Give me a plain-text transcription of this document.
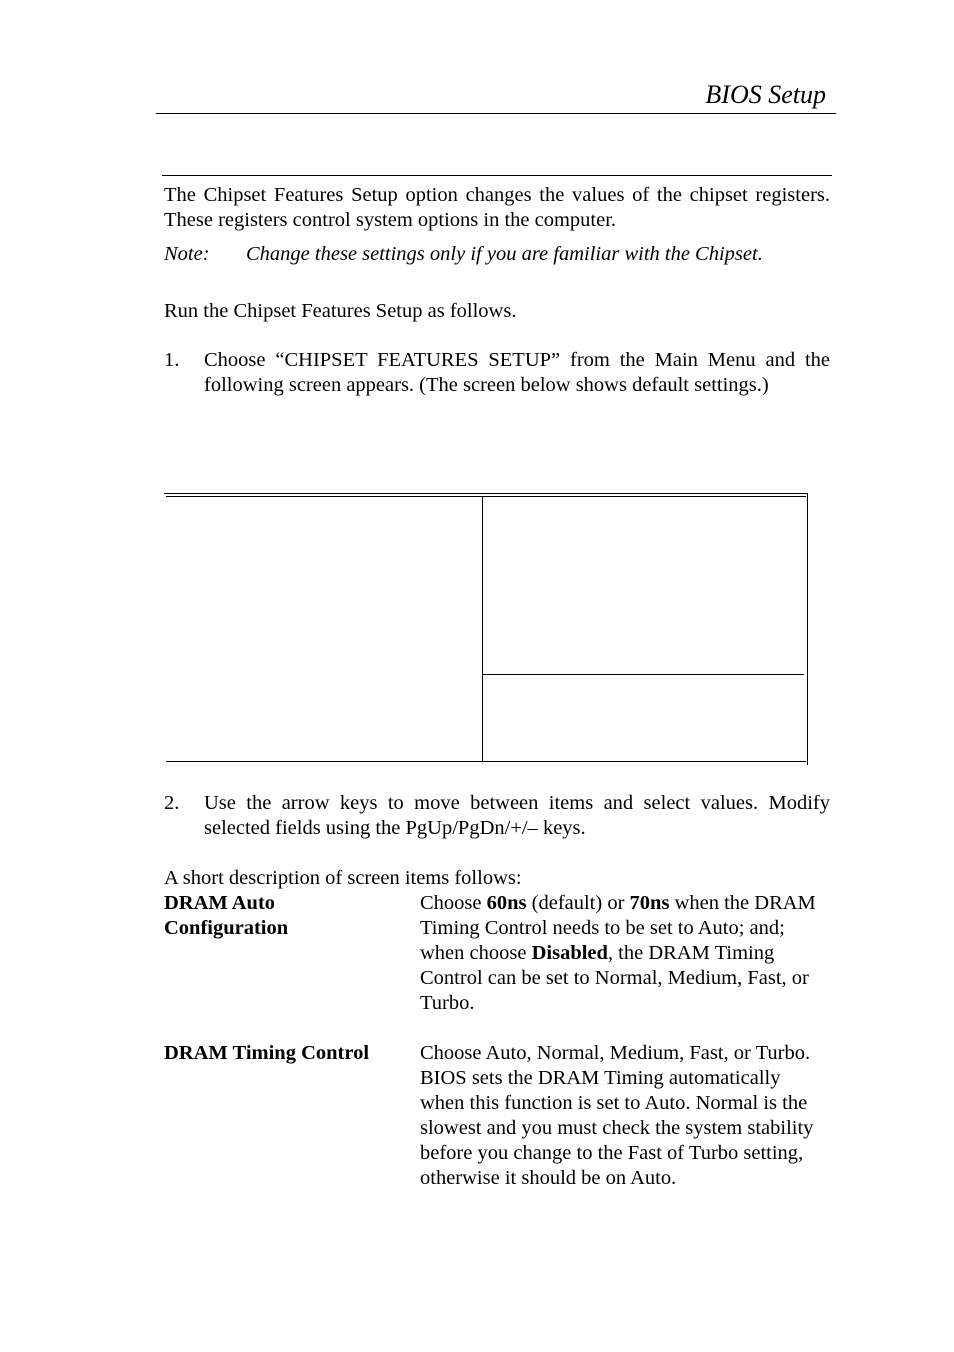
BIOS Setup
The Chipset Features Setup option changes the values of the chipset registers. These registers control system options in the computer.
Note:	Change these settings only if you are familiar with the Chipset.
Run the Chipset Features Setup as follows.
1. Choose “CHIPSET FEATURES SETUP” from the Main Menu and the following screen appears. (The screen below shows default settings.)
2. Use the arrow keys to move between items and select values. Modify selected fields using the PgUp/PgDn/+/– keys.
A short description of screen items follows:
DRAM Auto
Configuration
Choose 60ns (default) or 70ns when the DRAM Timing Control needs to be set to Auto; and; when choose Disabled, the DRAM Timing Control can be set to Normal, Medium, Fast, or Turbo.
DRAM Timing Control	Choose Auto, Normal, Medium, Fast, or Turbo. BIOS sets the DRAM Timing automatically when this function is set to Auto. Normal is the slowest and you must check the system stability before you change to the Fast of Turbo setting, otherwise it should be on Auto.
